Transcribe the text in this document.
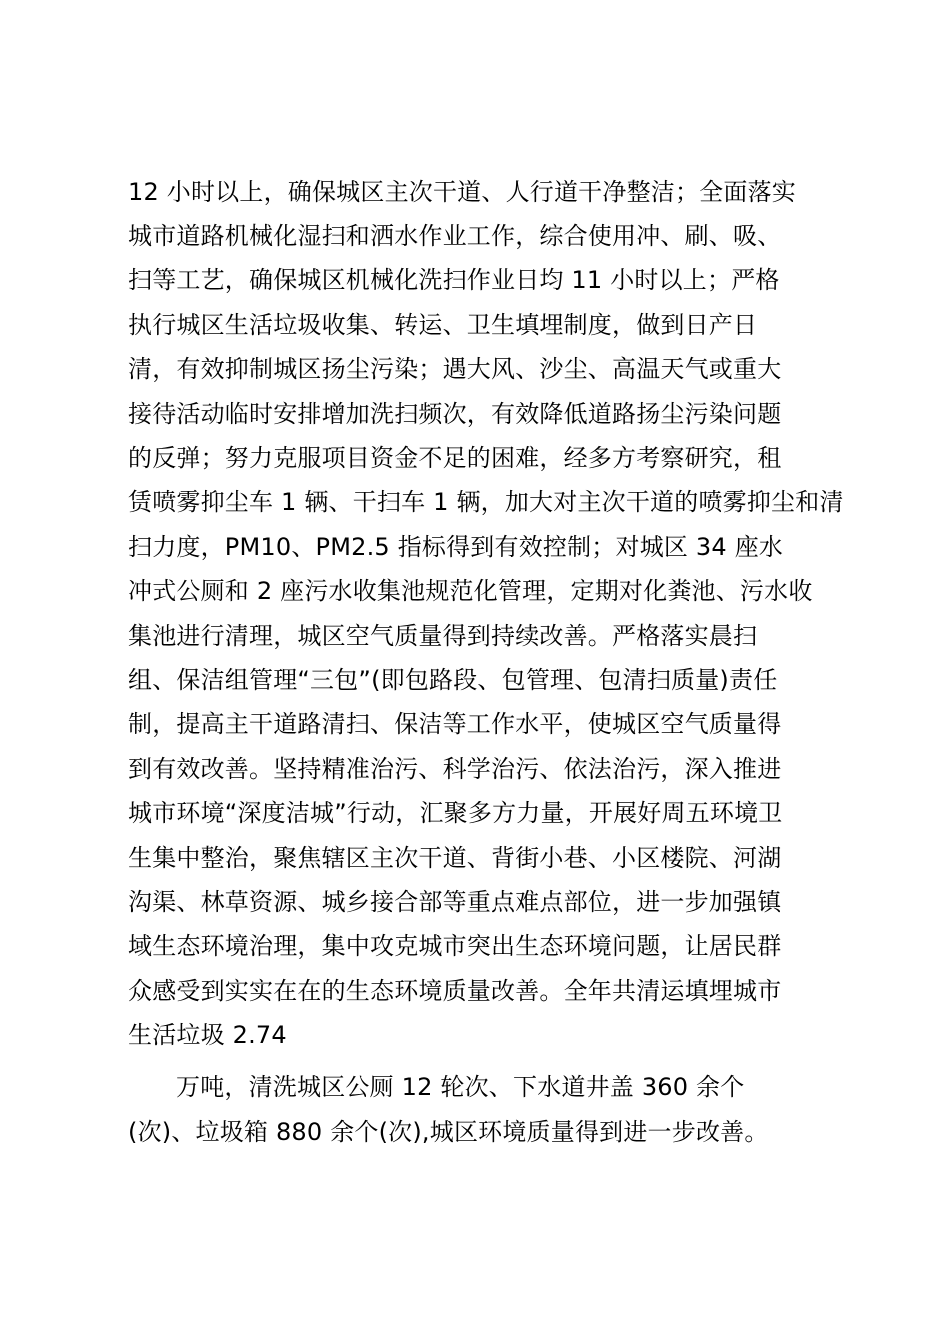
12 小时以上，确保城区主次干道、人行道干净整洁；全面落实
城市道路机械化湿扫和洒水作业工作，综合使用冲、刷、吸、
扫等工艺，确保城区机械化洗扫作业日均 11 小时以上；严格
执行城区生活垃圾收集、转运、卫生填埋制度，做到日产日
清，有效抑制城区扬尘污染；遇大风、沙尘、高温天气或重大
接待活动临时安排增加洗扫频次，有效降低道路扬尘污染问题
的反弹；努力克服项目资金不足的困难，经多方考察研究，租
赁喷雾抑尘车 1 辆、干扫车 1 辆，加大对主次干道的喷雾抑尘和清
扫力度，PM10、PM2.5 指标得到有效控制；对城区 34 座水
冲式公厕和 2 座污水收集池规范化管理，定期对化粪池、污水收
集池进行清理，城区空气质量得到持续改善。严格落实晨扫
组、保洁组管理“三包”(即包路段、包管理、包清扫质量)责任
制，提高主干道路清扫、保洁等工作水平，使城区空气质量得
到有效改善。坚持精准治污、科学治污、依法治污，深入推进
城市环境“深度洁城”行动，汇聚多方力量，开展好周五环境卫
生集中整治，聚焦辖区主次干道、背街小巷、小区楼院、河湖
沟渠、林草资源、城乡接合部等重点难点部位，进一步加强镇
域生态环境治理，集中攻克城市突出生态环境问题，让居民群
众感受到实实在在的生态环境质量改善。全年共清运填埋城市
生活垃圾 2.74
万吨，清洗城区公厕 12 轮次、下水道井盖 360 余个
(次)、垃圾箱 880 余个(次),城区环境质量得到进一步改善。
